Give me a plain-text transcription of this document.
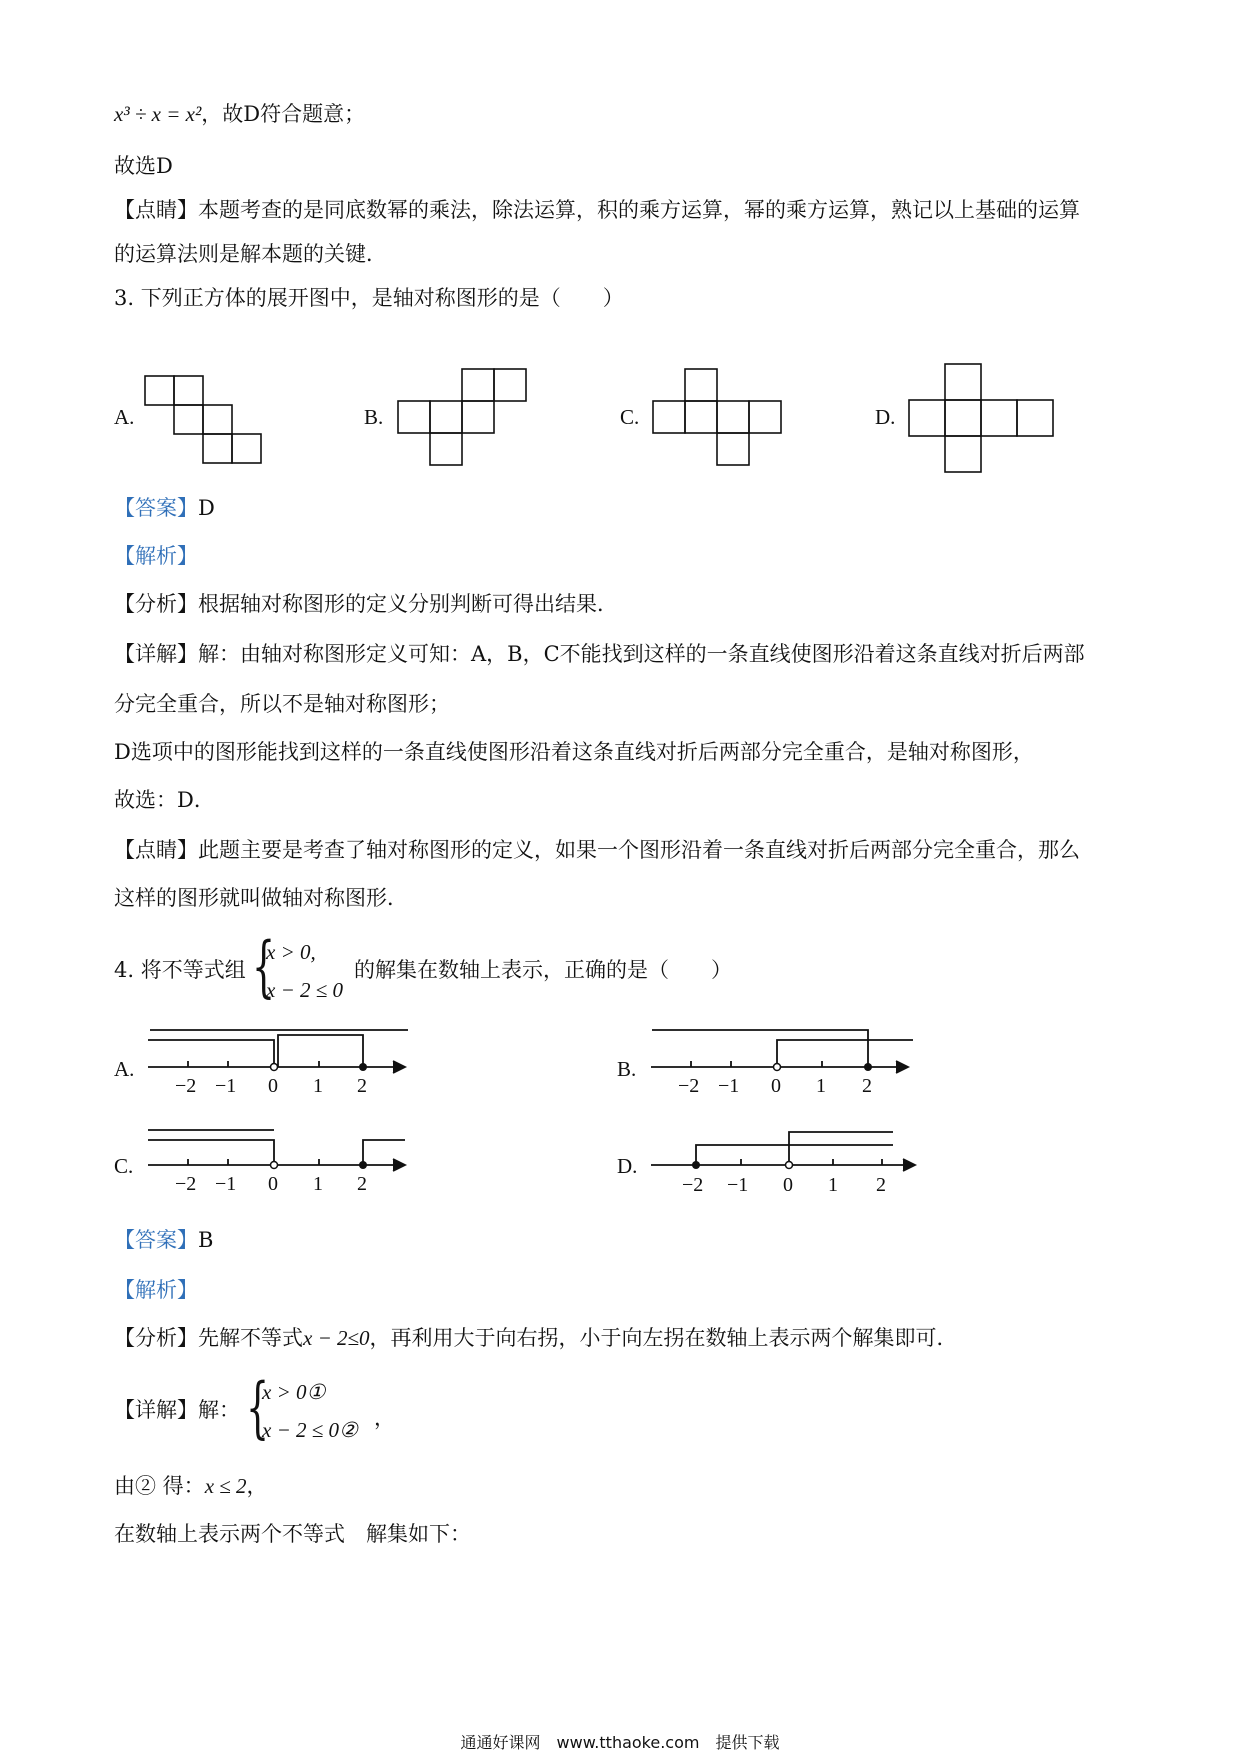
x³ ÷ x = x²，故D符合题意；
故选D
【点睛】本题考查的是同底数幂的乘法，除法运算，积的乘方运算，幂的乘方运算，熟记以上基础的运算
的运算法则是解本题的关键．
3. 下列正方体的展开图中，是轴对称图形的是（　　）
A.	B.	C.	D.
【答案】D
【解析】
【分析】根据轴对称图形的定义分别判断可得出结果．
【详解】解：由轴对称图形定义可知：A，B，C不能找到这样的一条直线使图形沿着这条直线对折后两部
分完全重合，所以不是轴对称图形；
D选项中的图形能找到这样的一条直线使图形沿着这条直线对折后两部分完全重合，是轴对称图形，
故选：D．
【点睛】此题主要是考查了轴对称图形的定义，如果一个图形沿着一条直线对折后两部分完全重合，那么
这样的图形就叫做轴对称图形．
4. 将不等式组 {
x > 0,
x − 2 ≤ 0
的解集在数轴上表示，正确的是（　　）
A.	B.
C.	D.
−2 −1 0 1 2	−2 −1 0 1 2
−2 −1 0 1 2	−2 −1 0 1 2
【答案】B
【解析】
【分析】先解不等式x − 2≤0，再利用大于向右拐，小于向左拐在数轴上表示两个解集即可．
【详解】解： {
x > 0①
x − 2 ≤ 0② ，
由② 得：x ≤ 2，
在数轴上表示两个不等式　解集如下：
通通好课网　www.tthaoke.com　提供下载
